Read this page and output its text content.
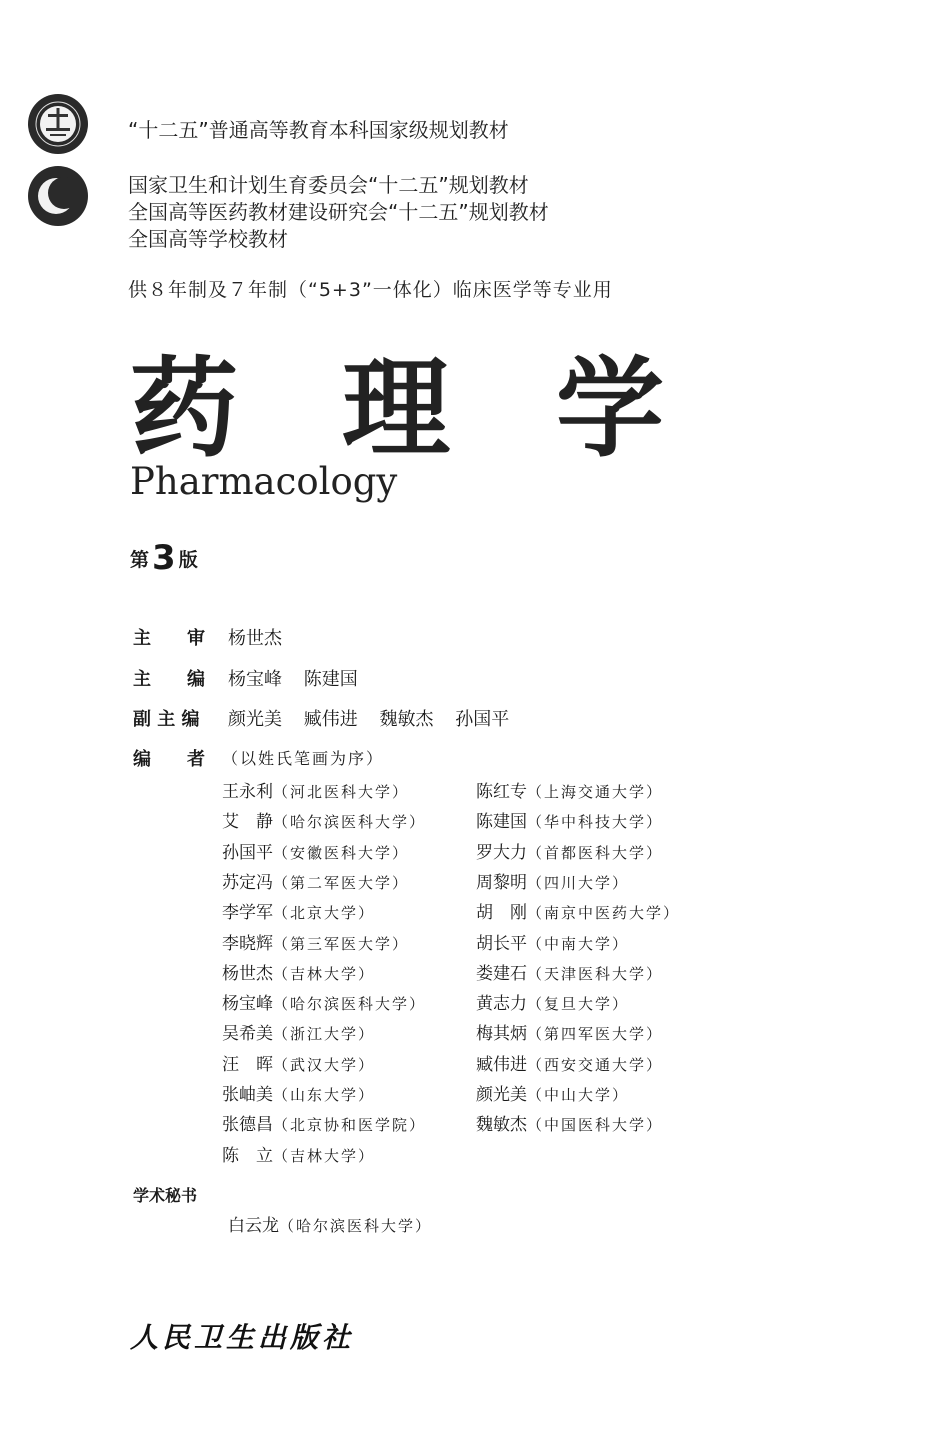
“十二五”普通高等教育本科国家级规划教材
国家卫生和计划生育委员会“十二五”规划教材
全国高等医药教材建设研究会“十二五”规划教材
全国高等学校教材
供８年制及７年制（“5+3”一体化）临床医学等专业用
药 理 学
Pharmacology
第3 版
主　　审 杨世杰
主　　编 杨宝峰 陈建国
副 主 编 颜光美 臧伟进 魏敏杰 孙国平
编　　者 （以姓氏笔画为序）
王永利（河北医科大学）
艾　静（哈尔滨医科大学）
孙国平（安徽医科大学）
苏定冯（第二军医大学）
李学军（北京大学）
李晓辉（第三军医大学）
杨世杰（吉林大学）
杨宝峰（哈尔滨医科大学）
吴希美（浙江大学）
汪　晖（武汉大学）
张岫美（山东大学）
张德昌（北京协和医学院）
陈　立（吉林大学）
陈红专（上海交通大学）
陈建国（华中科技大学）
罗大力（首都医科大学）
周黎明（四川大学）
胡　刚（南京中医药大学）
胡长平（中南大学）
娄建石（天津医科大学）
黄志力（复旦大学）
梅其炳（第四军医大学）
臧伟进（西安交通大学）
颜光美（中山大学）
魏敏杰（中国医科大学）
学术秘书
白云龙（哈尔滨医科大学）
人民卫生出版社
